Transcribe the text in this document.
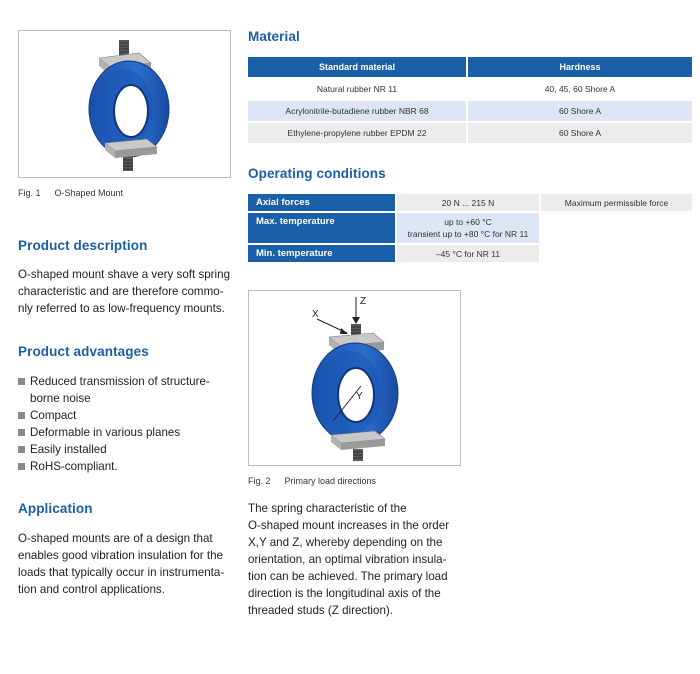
Fig. 1 O-Shaped Mount
Product description
O-shaped mount shave a very soft spring
characteristic and are therefore commo-
nly referred to as low-frequency mounts.
Product advantages
Reduced transmission of structure-
borne noise
Compact
Deformable in various planes
Easily installed
RoHS-compliant.
Application
O-shaped mounts are of a design that
enables good vibration insulation for the
loads that typically occur in instrumenta-
tion and control applications.
Material
Standard material	Hardness
Natural rubber NR 11	40, 45, 60 Shore A
Acrylonitrile-butadiene rubber NBR 68	60 Shore A
Ethylene-propylene rubber EPDM 22	60 Shore A
Operating conditions
Axial forces	20 N ... 215 N	Maximum permissible force
Max. temperature	up to +60 °C
transient up to +80 °C for NR 11	

Min. temperature	–45 °C for NR 11	
Z
X
Y
Fig. 2 Primary load directions
The spring characteristic of the
O-shaped mount increases in the order
X,Y and Z, whereby depending on the
orientation, an optimal vibration insula-
tion can be achieved. The primary load
direction is the longitudinal axis of the
threaded studs (Z direction).
